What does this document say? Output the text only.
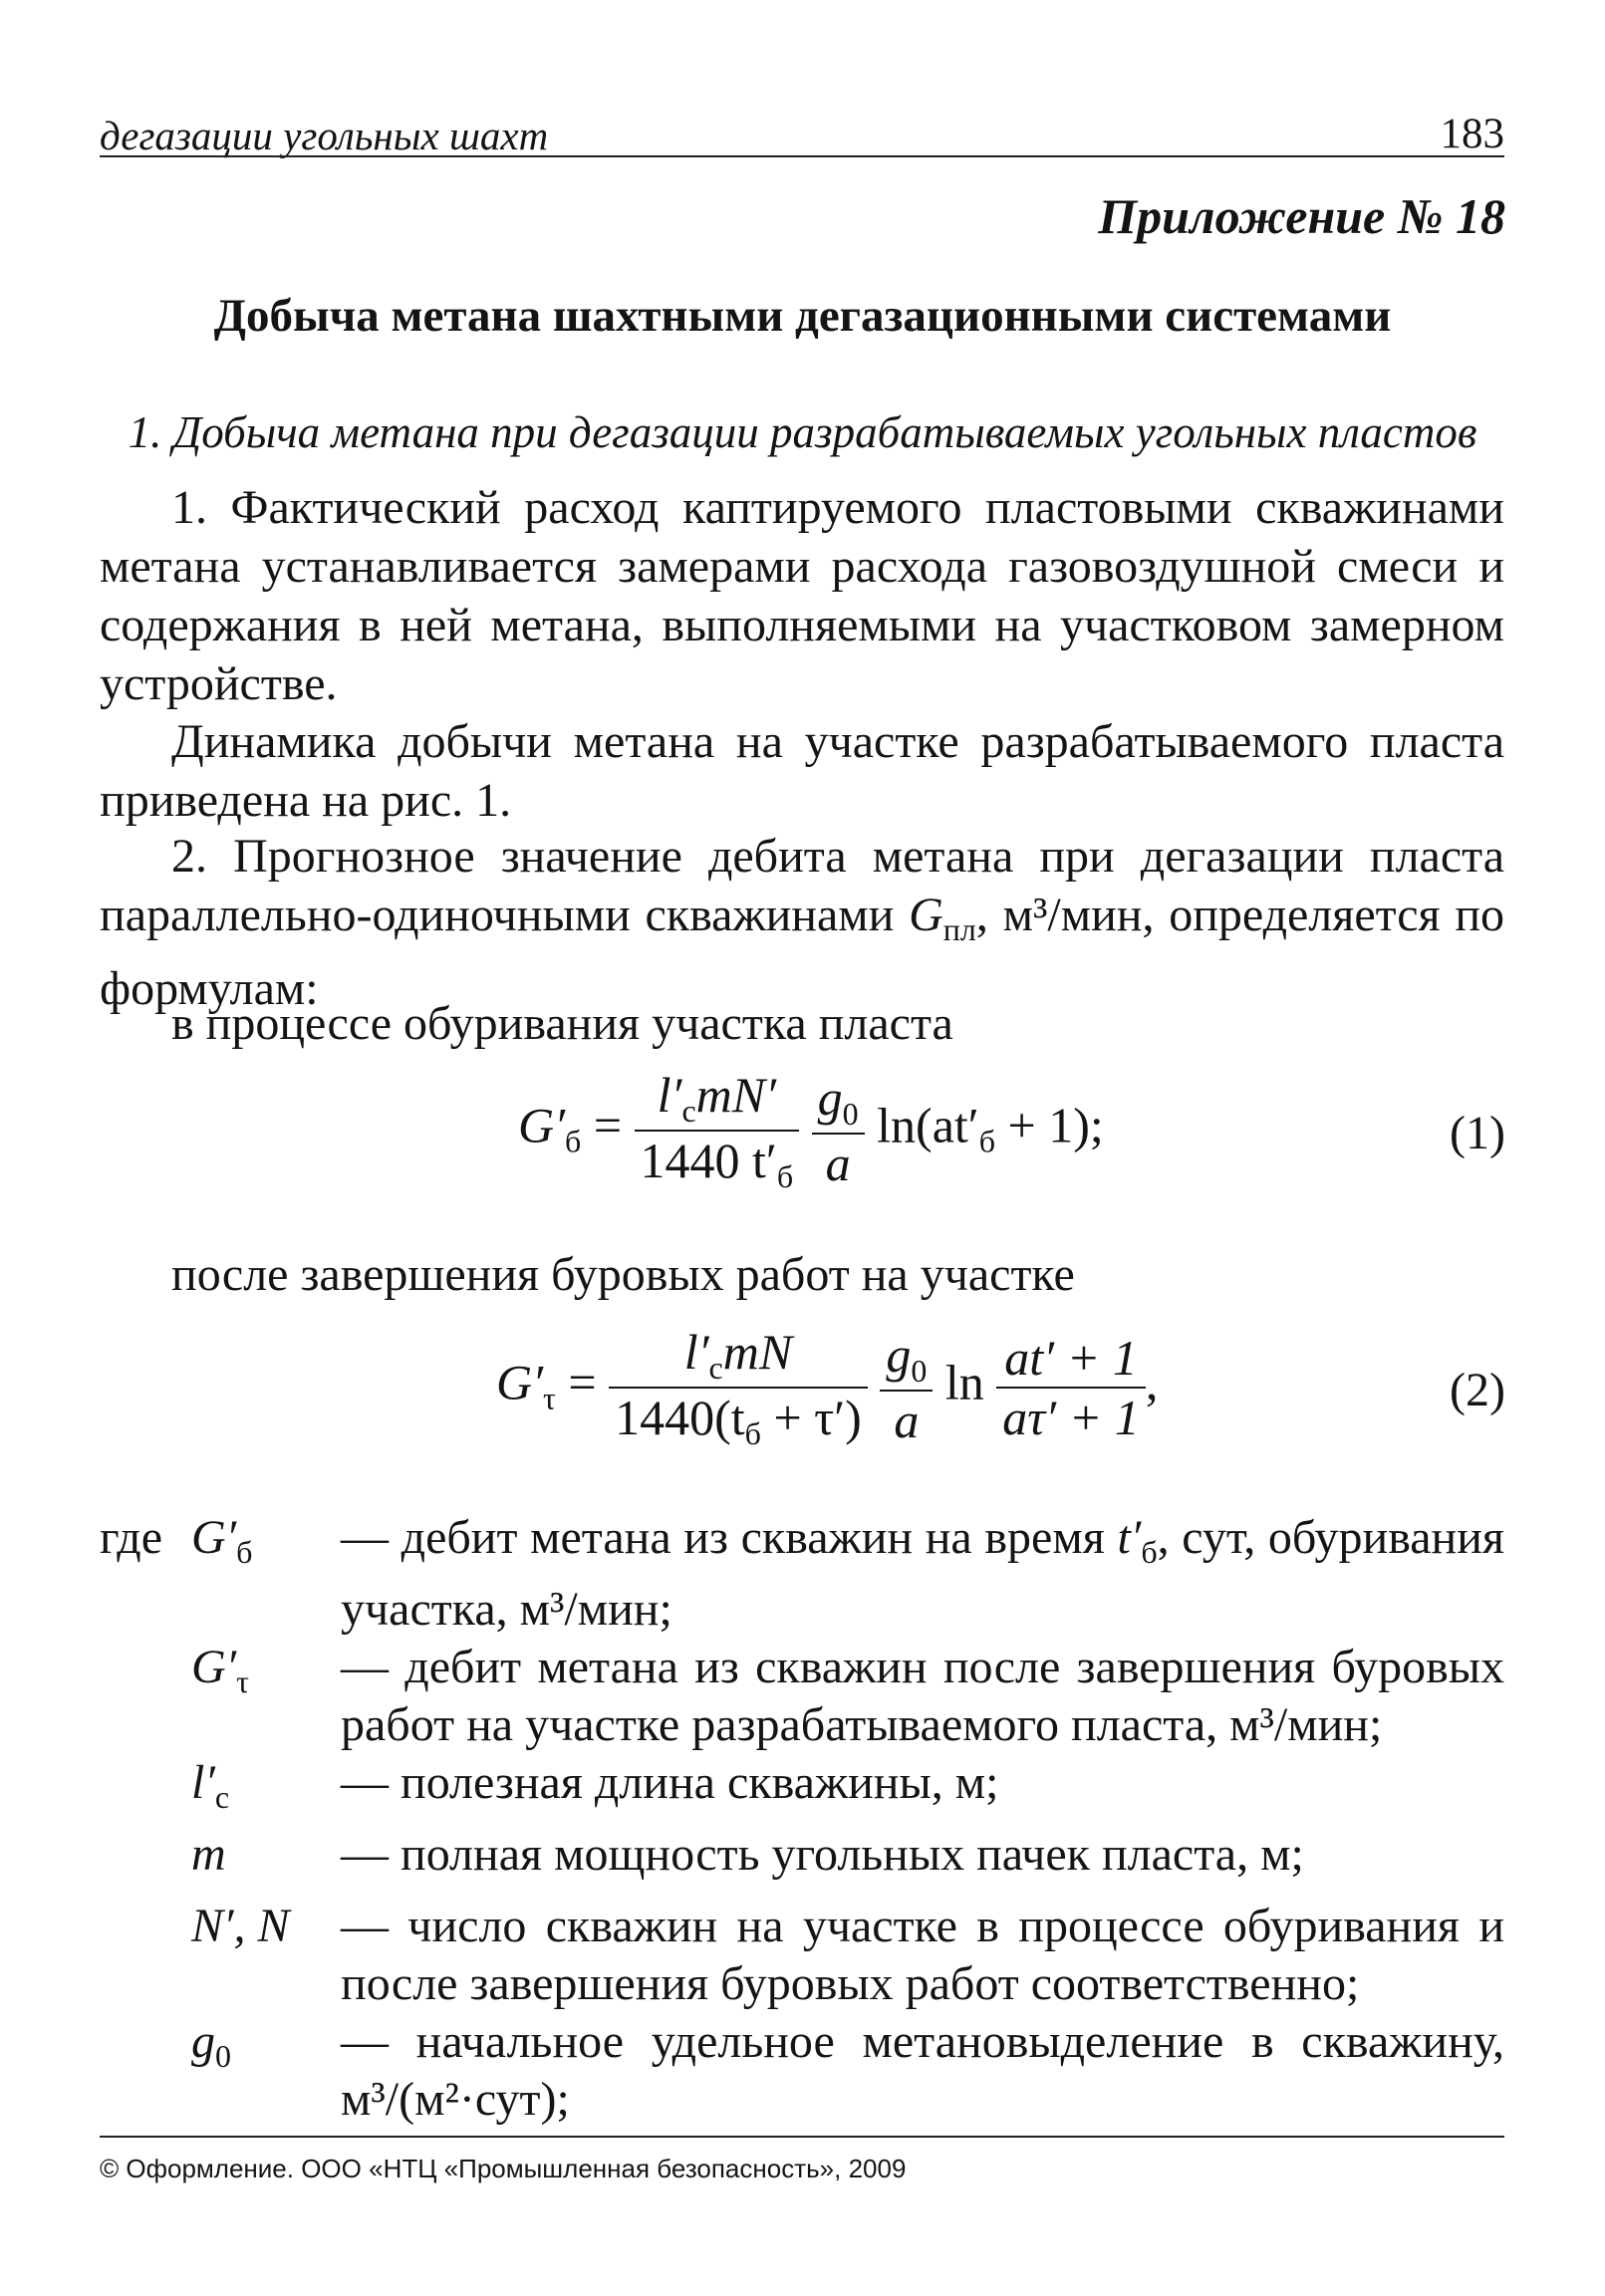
дегазации угольных шахт	183
Приложение № 18
Добыча метана шахтными дегазационными системами
1. Добыча метана при дегазации разрабатываемых угольных пластов
1. Фактический расход каптируемого пластовыми скважинами метана устанавливается замерами расхода газовоздушной смеси и содержания в ней метана, выполняемыми на участковом замерном устройстве.
Динамика добычи метана на участке разрабатываемого пласта приведена на рис. 1.
2. Прогнозное значение дебита метана при дегазации пласта параллельно-одиночными скважинами $G_{пл}$, м³/мин, определяется по формулам:
в процессе обуривания участка пласта
$G'_б = \frac{l'_cmN'}{1440 t'_б}$
$\frac{g_0}{a} \ln(at'_б + 1)$;	(1)
после завершения буровых работ на участке
$G'_\tau = \frac{l'_cmN}{1440(t_б + \tau')}$
$\frac{g_0}{a}$ $\ln \frac{at' + 1}{a\tau' + 1}$ ,	(2)
где $G'_б$	— дебит метана из скважин на время $t'_б$, сут, обуривания участка, м³/мин;
$G'_\tau$	— дебит метана из скважин после завершения буровых работ на участке разрабатываемого пласта, м³/мин;
$l'_c$	— полезная длина скважины, м;
m	— полная мощность угольных пачек пласта, м;
N′, N	— число скважин на участке в процессе обуривания и после завершения буровых работ соответственно;
$g_0$	— начальное удельное метановыделение в скважину, м³/(м²·сут);
© Оформление. ООО «НТЦ «Промышленная безопасность», 2009
